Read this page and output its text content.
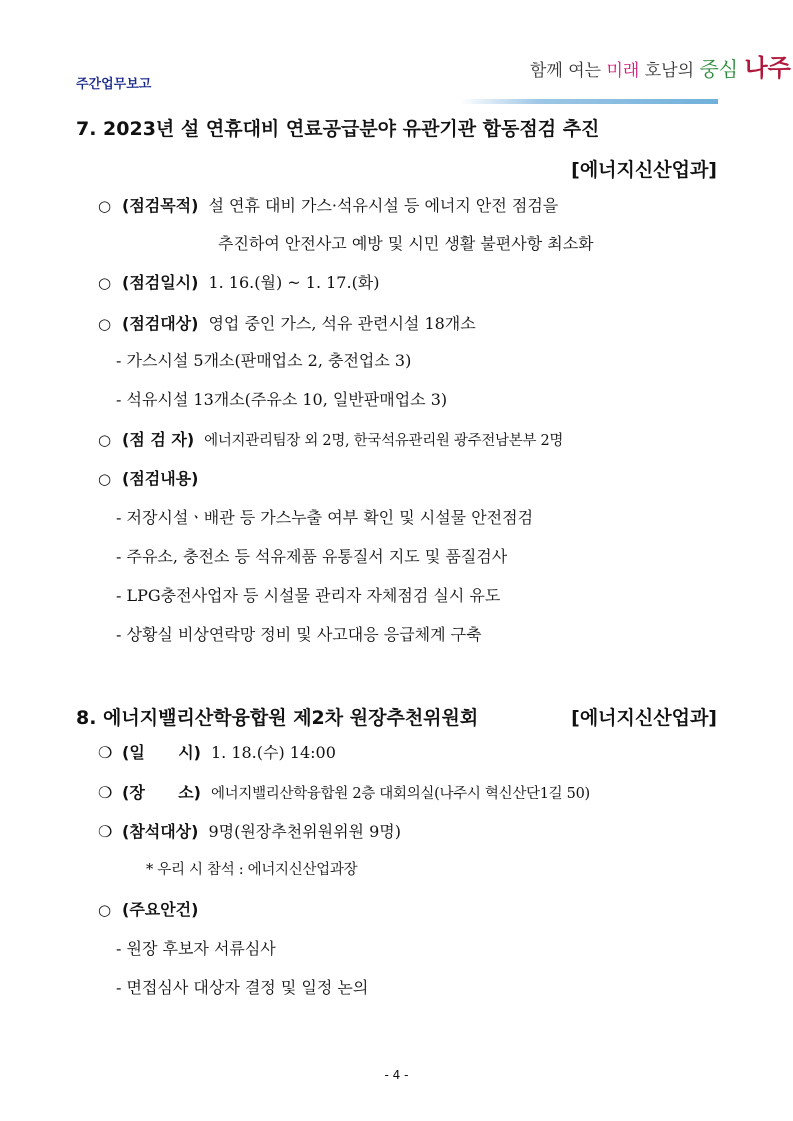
주간업무보고
함께 여는 미래 호남의 중심 나주
7. 2023년 설 연휴대비 연료공급분야 유관기관 합동점검 추진
[에너지신산업과]
○ (점검목적) 설 연휴 대비 가스·석유시설 등 에너지 안전 점검을
추진하여 안전사고 예방 및 시민 생활 불편사항 최소화
○ (점검일시) 1. 16.(월) ~ 1. 17.(화)
○ (점검대상) 영업 중인 가스, 석유 관련시설 18개소
- 가스시설 5개소(판매업소 2, 충전업소 3)
- 석유시설 13개소(주유소 10, 일반판매업소 3)
○ (점 검 자) 에너지관리팀장 외 2명, 한국석유관리원 광주전남본부 2명
○ (점검내용)
- 저장시설ㆍ배관 등 가스누출 여부 확인 및 시설물 안전점검
- 주유소, 충전소 등 석유제품 유통질서 지도 및 품질검사
- LPG충전사업자 등 시설물 관리자 자체점검 실시 유도
- 상황실 비상연락망 정비 및 사고대응 응급체계 구축
8. 에너지밸리산학융합원 제2차 원장추천위원회	[에너지신산업과]
❍ (일      시) 1. 18.(수) 14:00
❍ (장      소) 에너지밸리산학융합원 2층 대회의실(나주시 혁신산단1길 50)
❍ (참석대상) 9명(원장추천위원위원 9명)
* 우리 시 참석 : 에너지신산업과장
○ (주요안건)
- 원장 후보자 서류심사
- 면접심사 대상자 결정 및 일정 논의
- 4 -
